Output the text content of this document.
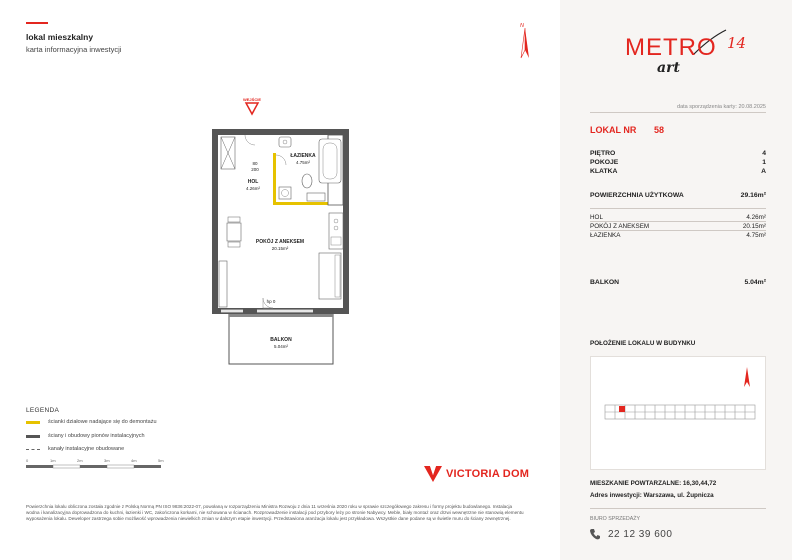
lokal mieszkalny
karta informacyjna inwestycji
N
WEJŚCIE
ŁAZIENKA
4.75m²
80
200
HOL
4.26m²
POKÓJ Z ANEKSEM
20.15m²
hp 0
BALKON
5.04m²
LEGENDA
ścianki działowe nadające się do demontażu
ściany i obudowy pionów instalacyjnych
kanały instalacyjne obudowane
0	1m	2m	3m	4m	5m
VICTORIA DOM
Powierzchnia lokalu obliczona została zgodnie z Polską Normą PN ISO 9836:2022-07, powołaną w rozporządzeniu Ministra Rozwoju z dnia 11 września 2020 roku w sprawie szczegółowego zakresu i formy projektu budowlanego. Instalacja wodna i kanalizacyjna doprowadzona do kuchni, łazienki i WC, zakończona korkami, nie schowana w ścianach. Rozprowadzenie instalacji pod przybory leży po stronie Nabywcy. Meble, biały montaż oraz drzwi wewnętrzne nie stanowią elementu wyposażenia lokalu. Deweloper zastrzega sobie możliwość wprowadzenia niewielkich zmian w dalszym etapie inwestycji. Przedstawiona aranżacja lokalu jest przykładowa. Wszystkie dane podane są w świetle muru do ściany zewnętrznej.
METRO 14
art
data sporządzenia karty: 20.08.2025
LOKAL NR 58
PIĘTRO	4
POKOJE	1
KLATKA	A
POWIERZCHNIA UŻYTKOWA	29.16m²
HOL	4.26m²
POKÓJ Z ANEKSEM	20.15m²
ŁAZIENKA	4.75m²
BALKON	5.04m²
POŁOŻENIE LOKALU W BUDYNKU
MIESZKANIE POWTARZALNE: 16,30,44,72
Adres inwestycji: Warszawa, ul. Żupnicza
BIURO SPRZEDAŻY
22 12 39 600
